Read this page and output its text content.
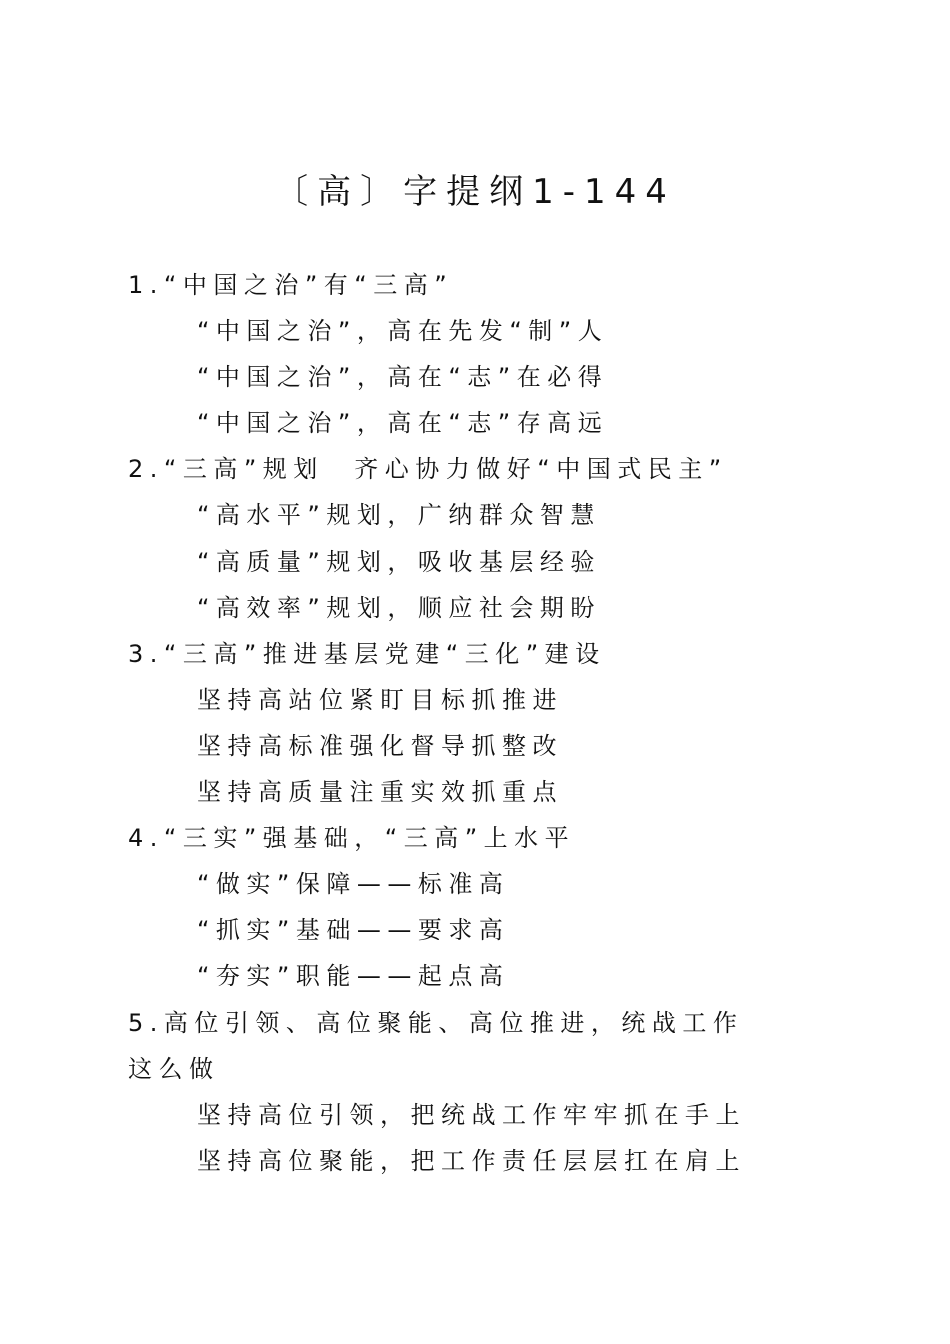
〔高〕字提纲1-144
1.“中国之治”有“三高”
“中国之治”，高在先发“制”人
“中国之治”，高在“志”在必得
“中国之治”，高在“志”存高远
2.“三高”规划　齐心协力做好“中国式民主”
“高水平”规划，广纳群众智慧
“高质量”规划，吸收基层经验
“高效率”规划，顺应社会期盼
3.“三高”推进基层党建“三化”建设
坚持高站位紧盯目标抓推进
坚持高标准强化督导抓整改
坚持高质量注重实效抓重点
4.“三实”强基础，“三高”上水平
“做实”保障——标准高
“抓实”基础——要求高
“夯实”职能——起点高
5.高位引领、高位聚能、高位推进，统战工作
这么做
坚持高位引领，把统战工作牢牢抓在手上
坚持高位聚能，把工作责任层层扛在肩上
